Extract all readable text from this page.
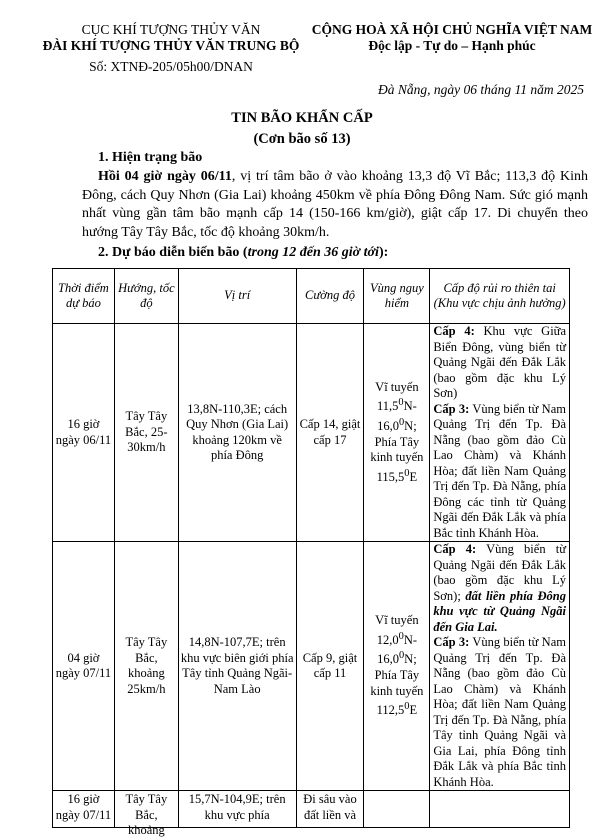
CỤC KHÍ TƯỢNG THỦY VĂN
ĐÀI KHÍ TƯỢNG THỦY VĂN TRUNG BỘ
Số: XTNĐ-205/05h00/DNAN
CỘNG HOÀ XÃ HỘI CHỦ NGHĨA VIỆT NAM
Độc lập - Tự do – Hạnh phúc
Đà Nẵng, ngày 06 tháng 11 năm 2025
TIN BÃO KHẨN CẤP
(Cơn bão số 13)
1. Hiện trạng bão
Hồi 04 giờ ngày 06/11, vị trí tâm bão ở vào khoảng 13,3 độ Vĩ Bắc; 113,3 độ Kinh Đông, cách Quy Nhơn (Gia Lai) khoảng 450km về phía Đông Đông Nam. Sức gió mạnh nhất vùng gần tâm bão mạnh cấp 14 (150-166 km/giờ), giật cấp 17. Di chuyển theo hướng Tây Tây Bắc, tốc độ khoảng 30km/h.
2. Dự báo diễn biến bão (trong 12 đến 36 giờ tới):
Thời điểm dự báo	Hướng, tốc độ	Vị trí	Cường độ	Vùng nguy hiểm	Cấp độ rủi ro thiên tai (Khu vực chịu ảnh hưởng)
16 giờ ngày 06/11	Tây Tây Bắc, 25-30km/h	13,8N-110,3E; cách Quy Nhơn (Gia Lai) khoảng 120km về phía Đông	Cấp 14, giật cấp 17	Vĩ tuyến 11,5$^0$N-16,0$^0$N; Phía Tây kinh tuyến 115,5$^0$E	Cấp 4: Khu vực Giữa Biển Đông, vùng biển từ Quảng Ngãi đến Đắk Lắk (bao gồm đặc khu Lý Sơn)
Cấp 3: Vùng biển từ Nam Quảng Trị đến Tp. Đà Nẵng (bao gồm đảo Cù Lao Chàm) và Khánh Hòa; đất liền Nam Quảng Trị đến Tp. Đà Nẵng, phía Đông các tỉnh từ Quảng Ngãi đến Đắk Lắk và phía Bắc tỉnh Khánh Hòa.
04 giờ ngày 07/11	Tây Tây Bắc, khoảng 25km/h	14,8N-107,7E; trên khu vực biên giới phía Tây tỉnh Quảng Ngãi-Nam Lào	Cấp 9, giật cấp 11	Vĩ tuyến 12,0$^0$N-16,0$^0$N; Phía Tây kinh tuyến 112,5$^0$E	Cấp 4: Vùng biển từ Quảng Ngãi đến Đắk Lắk (bao gồm đặc khu Lý Sơn); đất liền phía Đông khu vực từ Quảng Ngãi đến Gia Lai.
Cấp 3: Vùng biển từ Nam Quảng Trị đến Tp. Đà Nẵng (bao gồm đảo Cù Lao Chàm) và Khánh Hòa; đất liền Nam Quảng Trị đến Tp. Đà Nẵng, phía Tây tỉnh Quảng Ngãi và Gia Lai, phía Đông tỉnh Đắk Lắk và phía Bắc tỉnh Khánh Hòa.

16 giờ ngày 07/11	Tây Tây Bắc, khoảng	15,7N-104,9E; trên khu vực phía	Đi sâu vào đất liền và		
